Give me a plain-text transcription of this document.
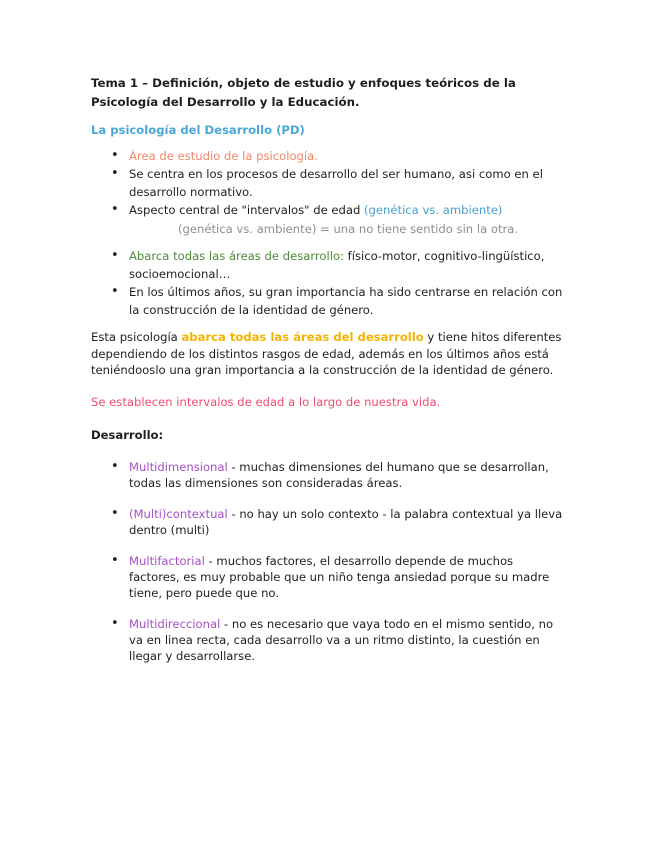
Tema 1 – Definición, objeto de estudio y enfoques teóricos de la Psicología del Desarrollo y la Educación.
La psicología del Desarrollo (PD)
• Área de estudio de la psicología.
• Se centra en los procesos de desarrollo del ser humano, asi como en el desarrollo normativo.
• Aspecto central de "intervalos" de edad (genética vs. ambiente)
(genética vs. ambiente) = una no tiene sentido sin la otra.
• Abarca todas las áreas de desarrollo: físico-motor, cognitivo-lingüístico, socioemocional…
• En los últimos años, su gran importancia ha sido centrarse en relación con la construcción de la identidad de género.

Esta psicología abarca todas las áreas del desarrollo y tiene hitos diferentes dependiendo de los distintos rasgos de edad, además en los últimos años está teniéndooslo una gran importancia a la construcción de la identidad de género.

Se establecen intervalos de edad a lo largo de nuestra vida.

Desarrollo:
• Multidimensional - muchas dimensiones del humano que se desarrollan, todas las dimensiones son consideradas áreas.
• (Multi)contextual - no hay un solo contexto - la palabra contextual ya lleva dentro (multi)
• Multifactorial - muchos factores, el desarrollo depende de muchos factores, es muy probable que un niño tenga ansiedad porque su madre tiene, pero puede que no.
• Multidireccional - no es necesario que vaya todo en el mismo sentido, no va en linea recta, cada desarrollo va a un ritmo distinto, la cuestión en llegar y desarrollarse.
